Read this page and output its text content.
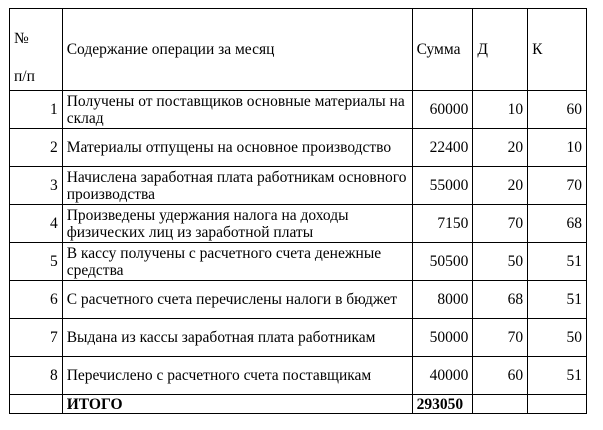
№
п/п	Содержание операции за месяц	Сумма	Д	К
1	Получены от поставщиков основные материалы на склад	60000	10	60
2	Материалы отпущены на основное производство	22400	20	10
3	Начислена заработная плата работникам основного производства	55000	20	70
4	Произведены удержания налога на доходы физических лиц из заработной платы	7150	70	68
5	В кассу получены с расчетного счета денежные средства	50500	50	51
6	С расчетного счета перечислены налоги в бюджет	8000	68	51
7	Выдана из кассы заработная плата работникам	50000	70	50
8	Перечислено с расчетного счета поставщикам	40000	60	51
	ИТОГО	293050		
